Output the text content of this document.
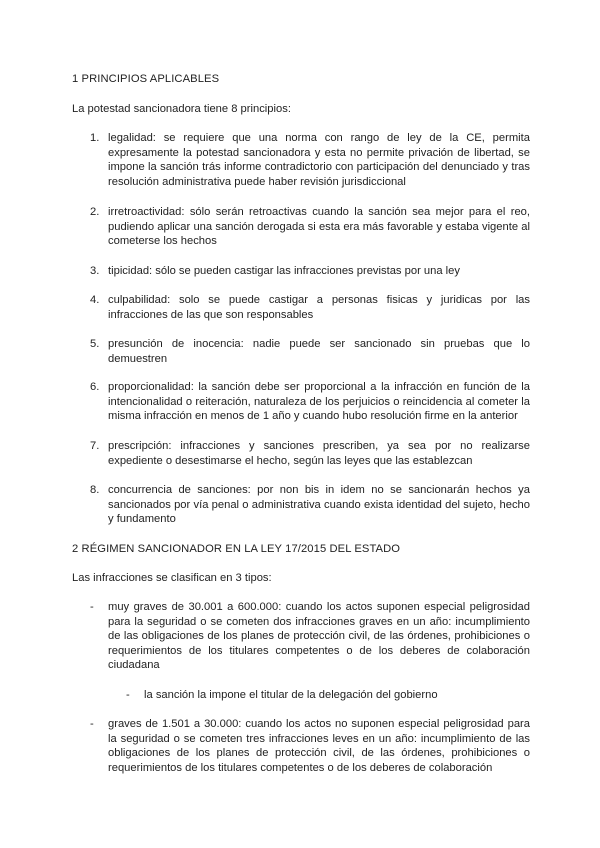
1 PRINCIPIOS APLICABLES
La potestad sancionadora tiene 8 principios:
1. legalidad: se requiere que una norma con rango de ley de la CE, permita expresamente la potestad sancionadora y esta no permite privación de libertad, se impone la sanción trás informe contradictorio con participación del denunciado y tras resolución administrativa puede haber revisión jurisdiccional
2. irretroactividad: sólo serán retroactivas cuando la sanción sea mejor para el reo, pudiendo aplicar una sanción derogada si esta era más favorable y estaba vigente al cometerse los hechos
3. tipicidad: sólo se pueden castigar las infracciones previstas por una ley
4. culpabilidad: solo se puede castigar a personas fisicas y juridicas por las infracciones de las que son responsables
5. presunción de inocencia: nadie puede ser sancionado sin pruebas que lo demuestren
6. proporcionalidad: la sanción debe ser proporcional a la infracción en función de la intencionalidad o reiteración, naturaleza de los perjuicios o reincidencia al cometer la misma infracción en menos de 1 año y cuando hubo resolución firme en la anterior
7. prescripción: infracciones y sanciones prescriben, ya sea por no realizarse expediente o desestimarse el hecho, según las leyes que las establezcan
8. concurrencia de sanciones: por non bis in idem no se sancionarán hechos ya sancionados por vía penal o administrativa cuando exista identidad del sujeto, hecho y fundamento
2 RÉGIMEN SANCIONADOR EN LA LEY 17/2015 DEL ESTADO
Las infracciones se clasifican en 3 tipos:
- muy graves de 30.001 a 600.000: cuando los actos suponen especial peligrosidad para la seguridad o se cometen dos infracciones graves en un año: incumplimiento de las obligaciones de los planes de protección civil, de las órdenes, prohibiciones o requerimientos de los titulares competentes o de los deberes de colaboración ciudadana
- la sanción la impone el titular de la delegación del gobierno
- graves de 1.501 a 30.000: cuando los actos no suponen especial peligrosidad para la seguridad o se cometen tres infracciones leves en un año: incumplimiento de las obligaciones de los planes de protección civil, de las órdenes, prohibiciones o requerimientos de los titulares competentes o de los deberes de colaboración
